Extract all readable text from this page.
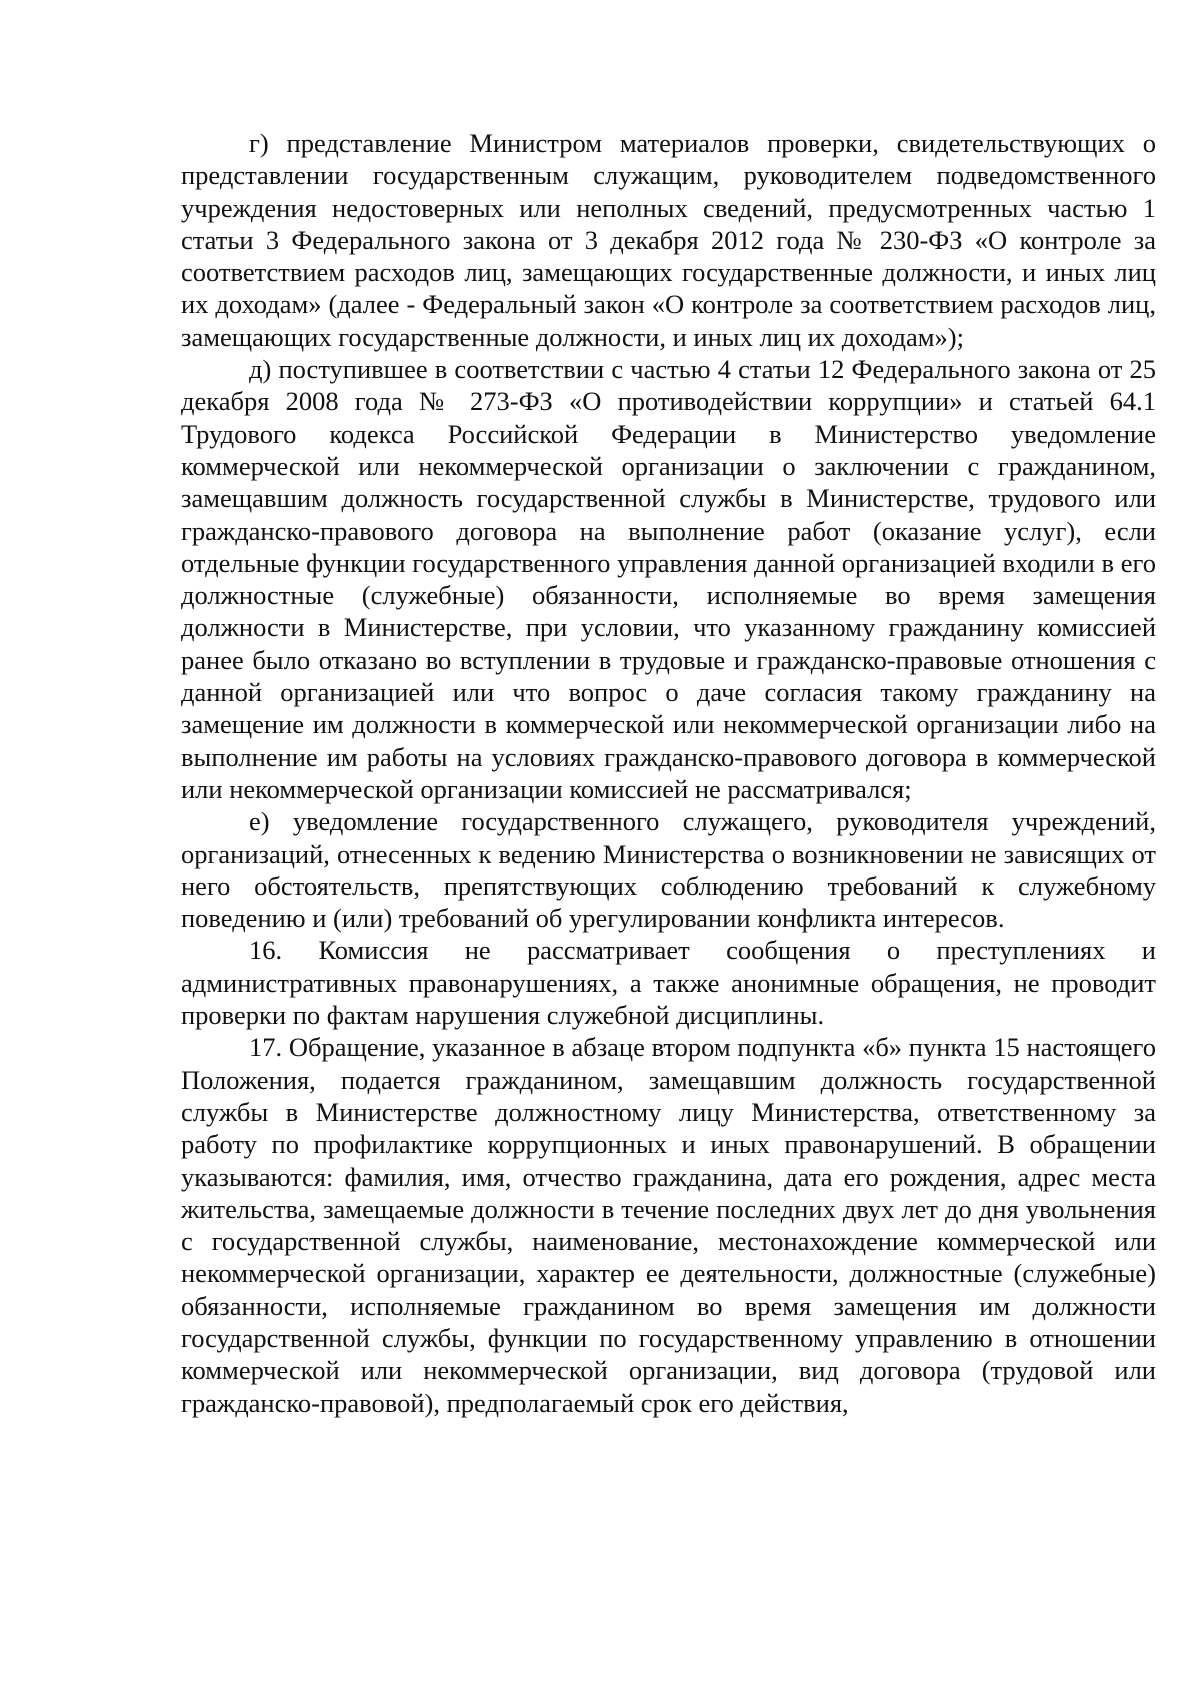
г) представление Министром материалов проверки, свидетельствующих о представлении государственным служащим, руководителем подведомственного учреждения недостоверных или неполных сведений, предусмотренных частью 1 статьи 3 Федерального закона от 3 декабря 2012 года № 230-ФЗ «О контроле за соответствием расходов лиц, замещающих государственные должности, и иных лиц их доходам» (далее - Федеральный закон «О контроле за соответствием расходов лиц, замещающих государственные должности, и иных лиц их доходам»);

д) поступившее в соответствии с частью 4 статьи 12 Федерального закона от 25 декабря 2008 года № 273-ФЗ «О противодействии коррупции» и статьей 64.1 Трудового кодекса Российской Федерации в Министерство уведомление коммерческой или некоммерческой организации о заключении с гражданином, замещавшим должность государственной службы в Министерстве, трудового или гражданско-правового договора на выполнение работ (оказание услуг), если отдельные функции государственного управления данной организацией входили в его должностные (служебные) обязанности, исполняемые во время замещения должности в Министерстве, при условии, что указанному гражданину комиссией ранее было отказано во вступлении в трудовые и гражданско-правовые отношения с данной организацией или что вопрос о даче согласия такому гражданину на замещение им должности в коммерческой или некоммерческой организации либо на выполнение им работы на условиях гражданско-правового договора в коммерческой или некоммерческой организации комиссией не рассматривался;

е) уведомление государственного служащего, руководителя учреждений, организаций, отнесенных к ведению Министерства о возникновении не зависящих от него обстоятельств, препятствующих соблюдению требований к служебному поведению и (или) требований об урегулировании конфликта интересов.

16. Комиссия не рассматривает сообщения о преступлениях и административных правонарушениях, а также анонимные обращения, не проводит проверки по фактам нарушения служебной дисциплины.

17. Обращение, указанное в абзаце втором подпункта «б» пункта 15 настоящего Положения, подается гражданином, замещавшим должность государственной службы в Министерстве должностному лицу Министерства, ответственному за работу по профилактике коррупционных и иных правонарушений. В обращении указываются: фамилия, имя, отчество гражданина, дата его рождения, адрес места жительства, замещаемые должности в течение последних двух лет до дня увольнения с государственной службы, наименование, местонахождение коммерческой или некоммерческой организации, характер ее деятельности, должностные (служебные) обязанности, исполняемые гражданином во время замещения им должности государственной службы, функции по государственному управлению в отношении коммерческой или некоммерческой организации, вид договора (трудовой или гражданско-правовой), предполагаемый срок его действия,
